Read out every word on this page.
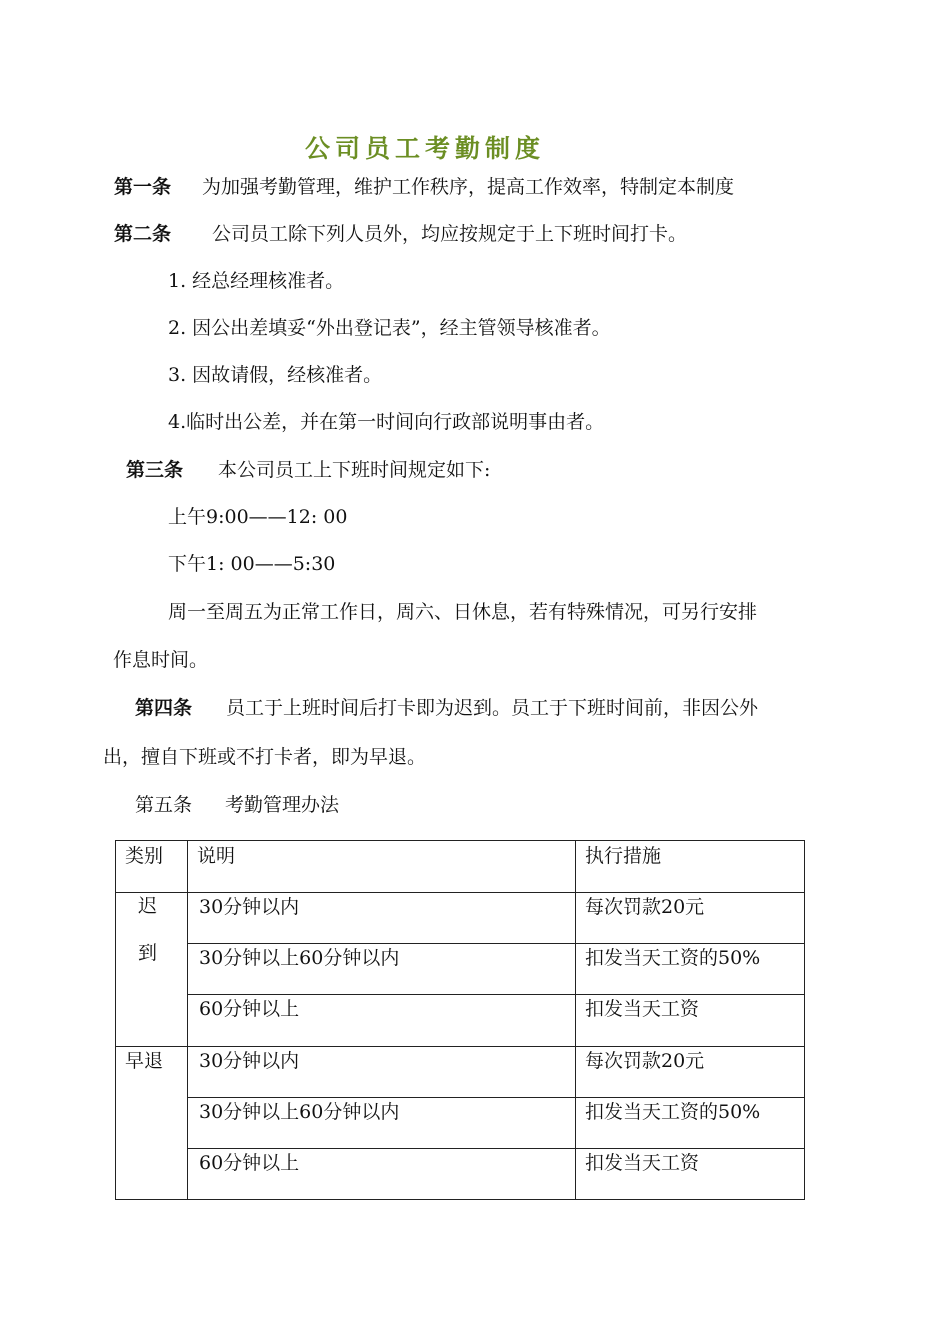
公司员工考勤制度
第一条 为加强考勤管理，维护工作秩序，提高工作效率，特制定本制度
第二条 公司员工除下列人员外，均应按规定于上下班时间打卡。
1. 经总经理核准者。
2. 因公出差填妥“外出登记表”，经主管领导核准者。
3. 因故请假，经核准者。
4.临时出公差，并在第一时间向行政部说明事由者。
第三条 本公司员工上下班时间规定如下:
上午9:00——12: 00
下午1: 00——5:30
周一至周五为正常工作日，周六、日休息，若有特殊情况，可另行安排
作息时间。
第四条 员工于上班时间后打卡即为迟到。员工于下班时间前，非因公外
出，擅自下班或不打卡者，即为早退。
第五条 考勤管理办法
类别 说明	执行措施
迟
到
30分钟以内	每次罚款20元
30分钟以上60分钟以内	扣发当天工资的50%
60分钟以上	扣发当天工资
早退 30分钟以内	每次罚款20元
30分钟以上60分钟以内	扣发当天工资的50%
60分钟以上	扣发当天工资
